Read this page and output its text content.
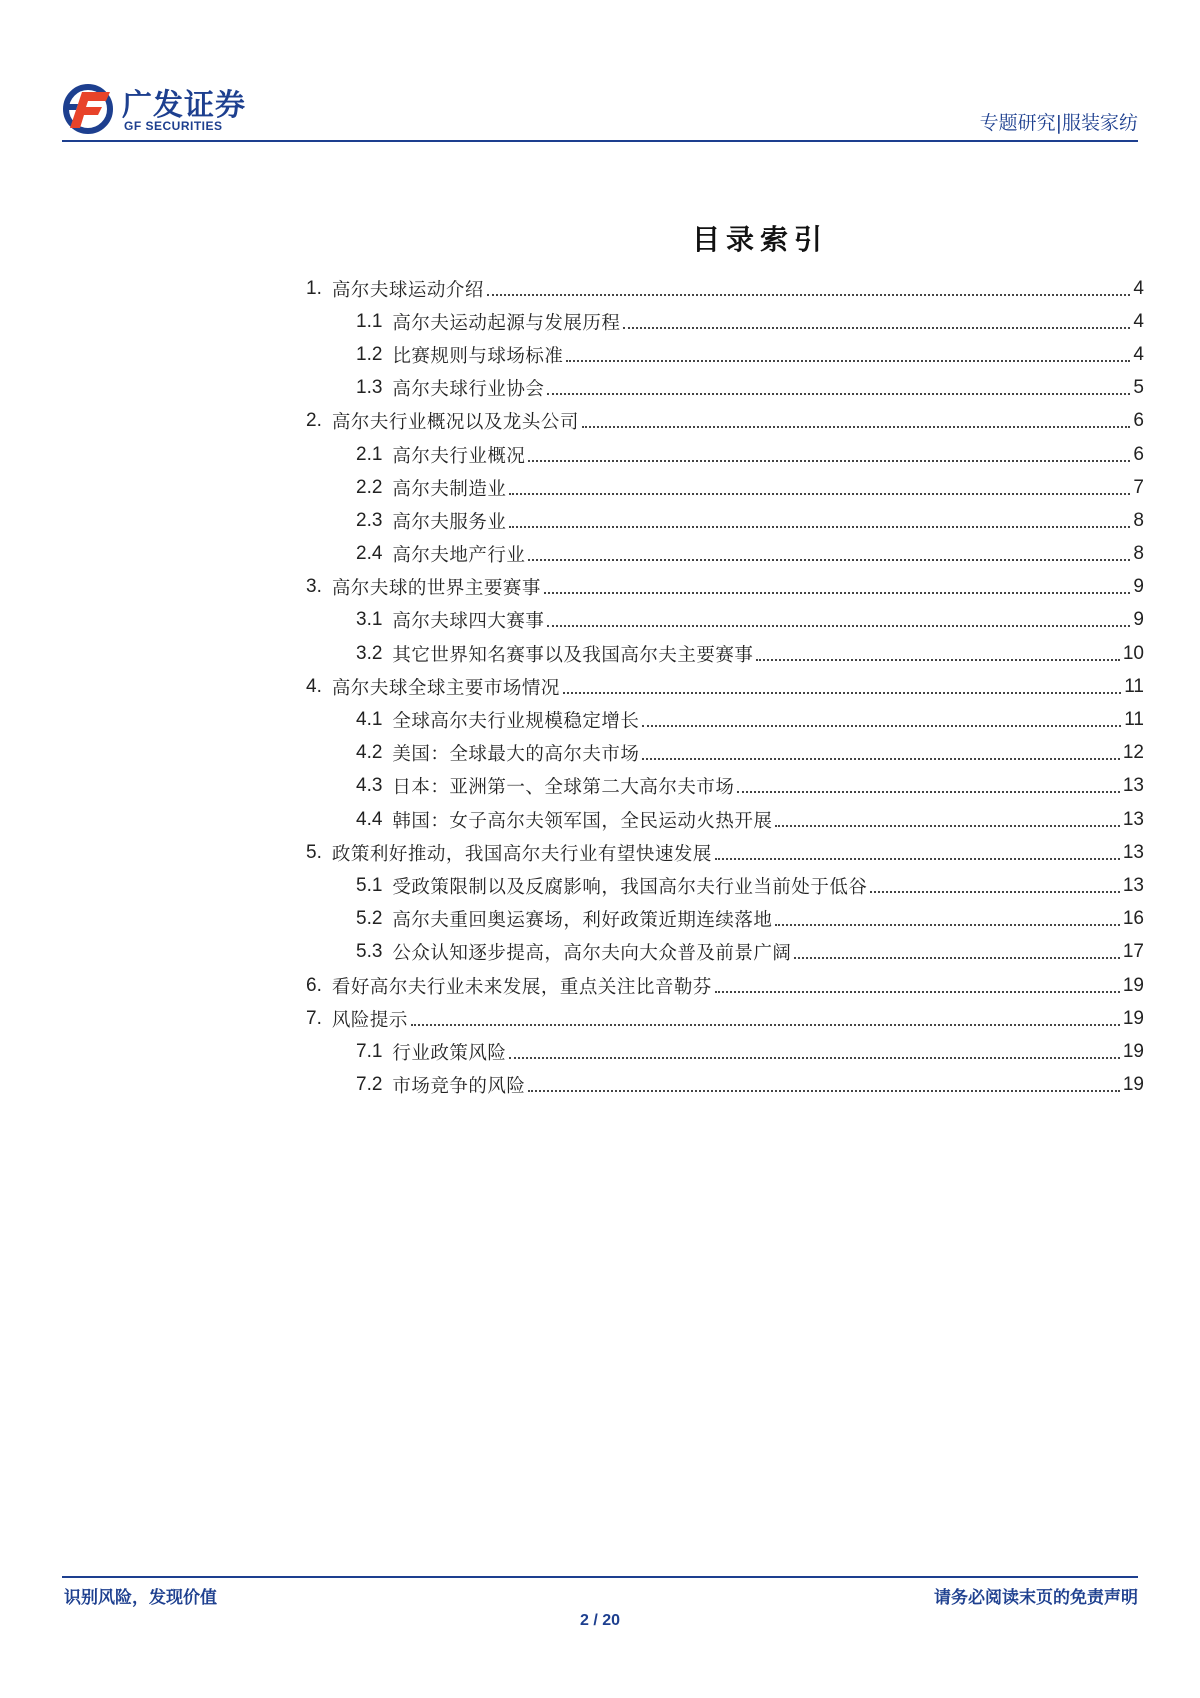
广发证券
GF SECURITIES	专题研究|服装家纺
目录索引
1. 高尔夫球运动介绍	4
1.1 高尔夫运动起源与发展历程	4
1.2 比赛规则与球场标准	4
1.3 高尔夫球行业协会	5
2. 高尔夫行业概况以及龙头公司	6
2.1 高尔夫行业概况	6
2.2 高尔夫制造业	7
2.3 高尔夫服务业	8
2.4 高尔夫地产行业	8
3. 高尔夫球的世界主要赛事	9
3.1 高尔夫球四大赛事	9
3.2 其它世界知名赛事以及我国高尔夫主要赛事	10
4. 高尔夫球全球主要市场情况	11
4.1 全球高尔夫行业规模稳定增长	11
4.2 美国：全球最大的高尔夫市场	12
4.3 日本：亚洲第一、全球第二大高尔夫市场	13
4.4 韩国：女子高尔夫领军国，全民运动火热开展	13
5. 政策利好推动，我国高尔夫行业有望快速发展	13
5.1 受政策限制以及反腐影响，我国高尔夫行业当前处于低谷	13
5.2 高尔夫重回奥运赛场，利好政策近期连续落地	16
5.3 公众认知逐步提高，高尔夫向大众普及前景广阔	17
6. 看好高尔夫行业未来发展，重点关注比音勒芬	19
7. 风险提示	19
7.1 行业政策风险	19
7.2 市场竞争的风险	19
识别风险，发现价值	请务必阅读末页的免责声明
2 / 20
